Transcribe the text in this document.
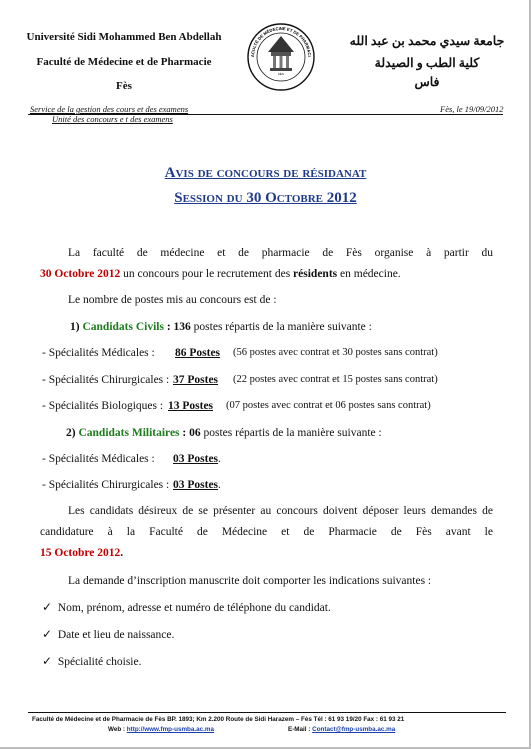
Université Sidi Mohammed Ben Abdellah
Faculté de Médecine et de Pharmacie
Fès
FÈS
ACULTÉ DE MÉDECINE ET DE PHARMACI
جامعة سيدي محمد بن عبد الله
كلية الطب و الصيدلة
فاس
Service de la gestion des cours et des examens
Unité des concours e t des examens
Fès, le 19/09/2012
Avis de concours de résidanat
Session du 30 Octobre 2012
La faculté de médecine et de pharmacie de Fès organise à partir du
30 Octobre 2012 un concours pour le recrutement des résidents en médecine.
Le nombre de postes mis au concours est de :
1) Candidats Civils : 136 postes répartis de la manière suivante :
- Spécialités Médicales : 86 Postes (56 postes avec contrat et 30 postes sans contrat)
- Spécialités Chirurgicales : 37 Postes (22 postes avec contrat et 15 postes sans contrat)
- Spécialités Biologiques : 13 Postes (07 postes avec contrat et 06 postes sans contrat)
2) Candidats Militaires : 06 postes répartis de la manière suivante :
- Spécialités Médicales : 03 Postes.
- Spécialités Chirurgicales : 03 Postes.
Les candidats désireux de se présenter au concours doivent déposer leurs demandes de
candidature à la Faculté de Médecine et de Pharmacie de Fès avant le
15 Octobre 2012.
La demande d’inscription manuscrite doit comporter les indications suivantes :
✓ Nom, prénom, adresse et numéro de téléphone du candidat.
✓ Date et lieu de naissance.
✓ Spécialité choisie.
Faculté de Médecine et de Pharmacie de Fès BP. 1893; Km 2.200 Route de Sidi Harazem – Fès Tél : 61 93 19/20 Fax : 61 93 21
Web : http://www.fmp-usmba.ac.ma	E-Mail : Contact@fmp-usmba.ac.ma
